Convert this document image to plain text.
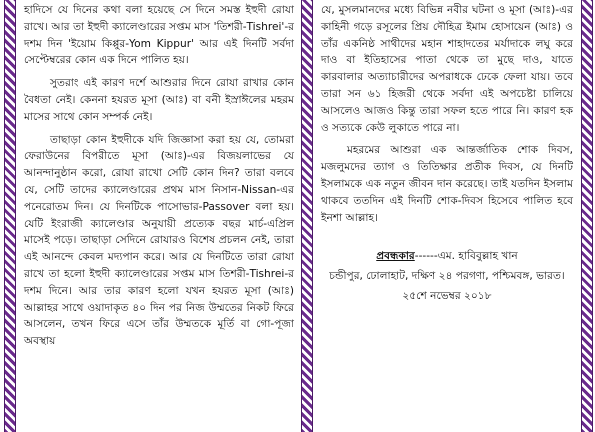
হাদিসে যে দিনের কথা বলা হয়েছে সে দিনে সমস্ত ইহুদী রোযা রাখে। আর তা ইহুদী ক্যালেণ্ডারের সপ্তম মাস 'তিশরী-Tishrei'-র দশম দিন 'ইয়োম কিপ্পুর-Yom Kippur' আর এই দিনটি সর্বদা সেপ্টেম্বরের কোন এক দিনে পালিত হয়।

সুতরাং এই কারণ দর্শে আশুরার দিনে রোযা রাখার কোন বৈধতা নেই। কেননা হযরত মূসা (আঃ) বা বনী ইস্রাঈলের মহরম মাসের সাথে কোন সম্পর্ক নেই।

তাছাড়া কোন ইহুদীকে যদি জিজ্ঞাসা করা হয় যে, তোমরা ফেরাউনের বিপরীতে মূসা (আঃ)-এর বিজয়লাভের যে আনন্দানুষ্ঠান করো, রোযা রাখো সেটি কোন দিন? তারা বলবে যে, সেটি তাদের ক্যালেণ্ডারের প্রথম মাস নিসান-Nissan-এর পনেরোতম দিন। যে দিনটিকে পাসোভার-Passover বলা হয়। যেটি ইংরাজী ক্যালেণ্ডার অনুযায়ী প্রত্যেক বছর মার্চ-এপ্রিল মাসেই পড়ে। তাছাড়া সেদিনে রোযারও বিশেষ প্রচলন নেই, তারা এই আনন্দে কেবল মদ্যপান করে। আর যে দিনটিতে তারা রোযা রাখে তা হলো ইহুদী ক্যালেণ্ডারের সপ্তম মাস তিশরী-Tishrei-র দশম দিনে। আর তার কারণ হলো যখন হযরত মূসা (আঃ) আল্লাহর সাথে ওয়াদাকৃত ৪০ দিন পর নিজ উম্মতের নিকট ফিরে আসলেন, তখন ফিরে এসে তাঁর উম্মতকে মূর্তি বা গো-পূজা অবস্থায়

যে, মুসলমানদের মধ্যে বিভিন্ন নবীর ঘটনা ও মূসা (আঃ)-এর কাহিনী গড়ে রসূলের প্রিয় দৌহিত্র ইমাম হোসায়েন (আঃ) ও তাঁর একনিষ্ঠ সাথীদের মহান শাহাদতের মর্যাদাকে লঘু করে দাও বা ইতিহাসের পাতা থেকে তা মুছে দাও, যাতে কারবালার অত্যাচারীদের অপরাধকে ঢেকে ফেলা যায়। তবে তারা সন ৬১ হিজরী থেকে সর্বদা এই অপচেষ্টা চালিয়ে আসলেও আজও কিন্তু তারা সফল হতে পারে নি। কারণ হক ও সত্যকে কেউ লুকাতে পারে না।

মহরমের আশুরা এক আন্তর্জাতিক শোক দিবস, মজলুমদের ত্যাগ ও তিতিক্ষার প্রতীক দিবস, যে দিনটি ইসলামকে এক নতুন জীবন দান করেছে। তাই যতদিন ইসলাম থাকবে ততদিন এই দিনটি শোক-দিবস হিসেবে পালিত হবে ইনশা আল্লাহ।

প্রবন্ধকার------এম. হাবিবুল্লাহ খান
চন্ডীপুর, ঢোলাহাট, দক্ষিণ ২৪ পরগণা, পশ্চিমবঙ্গ, ভারত।
২৫শে নভেম্বর ২০১৮
